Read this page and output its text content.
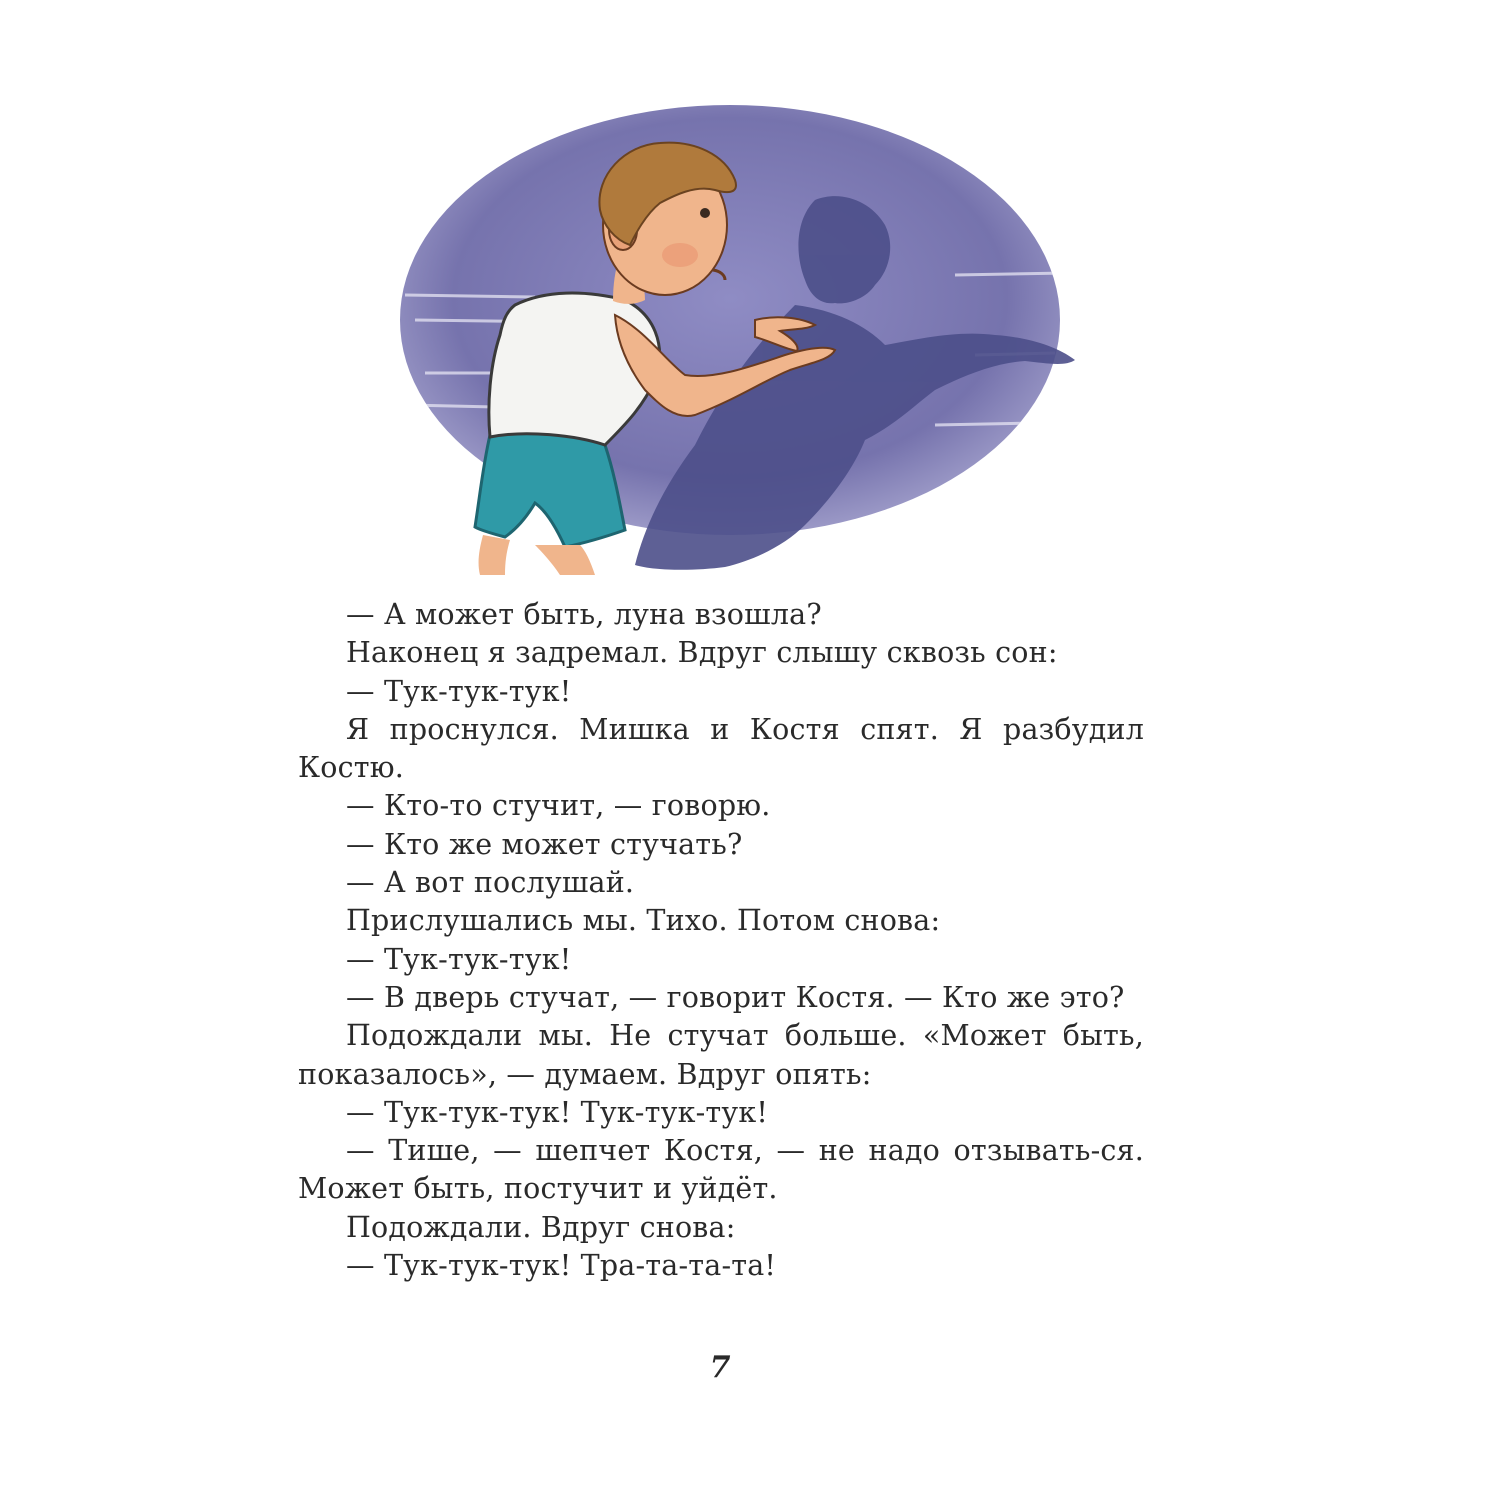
— А может быть, луна взошла?

Наконец я задремал. Вдруг слышу сквозь сон:

— Тук-тук-тук!

Я проснулся. Мишка и Костя спят. Я разбудил Костю.

— Кто-то стучит, — говорю.

— Кто же может стучать?

— А вот послушай.

Прислушались мы. Тихо. Потом снова:

— Тук-тук-тук!

— В дверь стучат, — говорит Костя. — Кто же это?

Подождали мы. Не стучат больше. «Может быть, показалось», — думаем. Вдруг опять:

— Тук-тук-тук! Тук-тук-тук!

— Тише, — шепчет Костя, — не надо отзывать-ся. Может быть, постучит и уйдёт.

Подождали. Вдруг снова:

— Тук-тук-тук! Тра-та-та-та!

7
